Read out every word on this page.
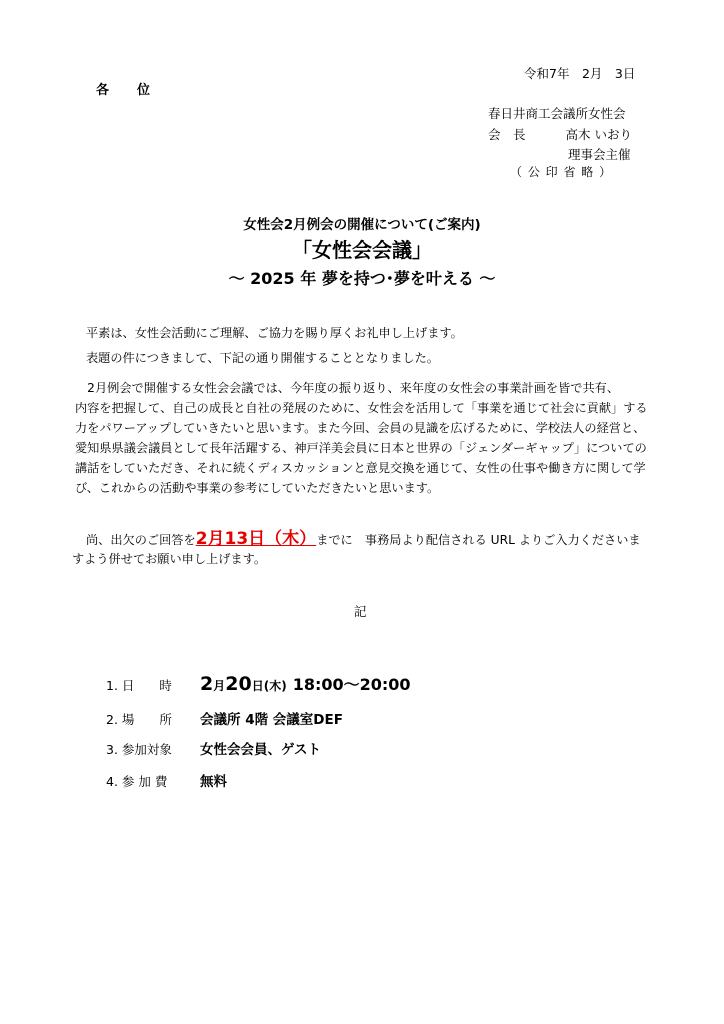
令和7年　2月　3日
各 位
春日井商工会議所女性会
会　長	高木 いおり
理事会主催
（ 公 印 省 略 ）
女性会2月例会の開催について(ご案内)
「女性会会議」
～ 2025 年 夢を持つ･夢を叶える ～
平素は、女性会活動にご理解、ご協力を賜り厚くお礼申し上げます。
表題の件につきまして、下記の通り開催することとなりました。
　2月例会で開催する女性会会議では、今年度の振り返り、来年度の女性会の事業計画を皆で共有、
内容を把握して、自己の成長と自社の発展のために、女性会を活用して「事業を通じて社会に貢献」する
力をパワーアップしていきたいと思います。また今回、会員の見識を広げるために、学校法人の経営と、
愛知県県議会議員として長年活躍する、神戸洋美会員に日本と世界の「ジェンダーギャップ」についての
講話をしていただき、それに続くディスカッションと意見交換を通じて、女性の仕事や働き方に関して学
び、これからの活動や事業の参考にしていただきたいと思います。
尚、出欠のご回答を2月13日（木）までに　事務局より配信される URL よりご入力くださいま
すよう併せてお願い申し上げます。
記
1. 日　　時 2月20日(木) 18:00～20:00
2. 場　　所 会議所 4階 会議室DEF
3. 参加対象 女性会会員、ゲスト
4. 参 加 費 無料
